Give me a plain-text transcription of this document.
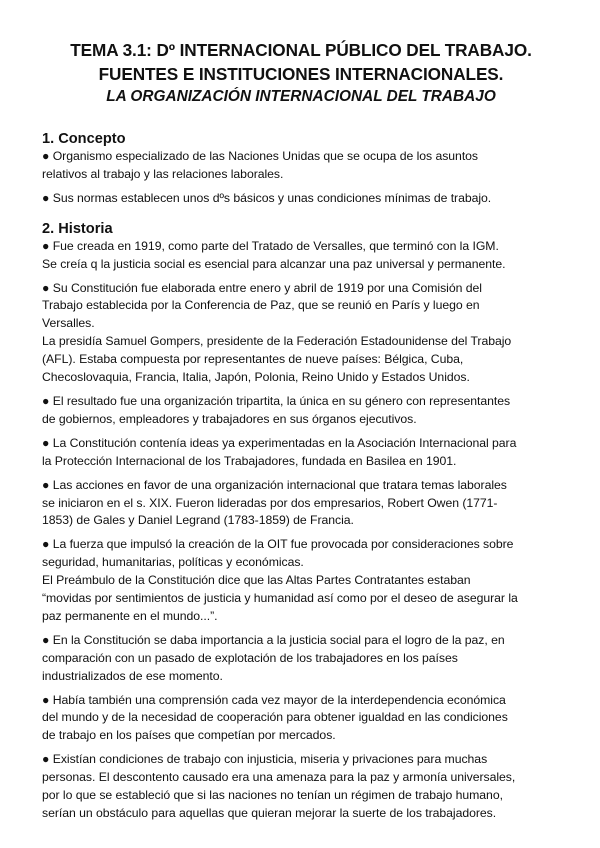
TEMA 3.1: Dº INTERNACIONAL PÚBLICO DEL TRABAJO.
FUENTES E INSTITUCIONES INTERNACIONALES.
LA ORGANIZACIÓN INTERNACIONAL DEL TRABAJO
1. Concepto

● Organismo especializado de las Naciones Unidas que se ocupa de los asuntos
relativos al trabajo y las relaciones laborales.

● Sus normas establecen unos dºs básicos y unas condiciones mínimas de trabajo.

2. Historia

● Fue creada en 1919, como parte del Tratado de Versalles, que terminó con la IGM.
Se creía q la justicia social es esencial para alcanzar una paz universal y permanente.

● Su Constitución fue elaborada entre enero y abril de 1919 por una Comisión del
Trabajo establecida por la Conferencia de Paz, que se reunió en París y luego en
Versalles.
La presidía Samuel Gompers, presidente de la Federación Estadounidense del Trabajo
(AFL). Estaba compuesta por representantes de nueve países: Bélgica, Cuba,
Checoslovaquia, Francia, Italia, Japón, Polonia, Reino Unido y Estados Unidos.

● El resultado fue una organización tripartita, la única en su género con representantes
de gobiernos, empleadores y trabajadores en sus órganos ejecutivos.

● La Constitución contenía ideas ya experimentadas en la Asociación Internacional para
la Protección Internacional de los Trabajadores, fundada en Basilea en 1901.

● Las acciones en favor de una organización internacional que tratara temas laborales
se iniciaron en el s. XIX. Fueron lideradas por dos empresarios, Robert Owen (1771-
1853) de Gales y Daniel Legrand (1783-1859) de Francia.

● La fuerza que impulsó la creación de la OIT fue provocada por consideraciones sobre
seguridad, humanitarias, políticas y económicas.
El Preámbulo de la Constitución dice que las Altas Partes Contratantes estaban
“movidas por sentimientos de justicia y humanidad así como por el deseo de asegurar la
paz permanente en el mundo...”.

● En la Constitución se daba importancia a la justicia social para el logro de la paz, en
comparación con un pasado de explotación de los trabajadores en los países
industrializados de ese momento.

● Había también una comprensión cada vez mayor de la interdependencia económica
del mundo y de la necesidad de cooperación para obtener igualdad en las condiciones
de trabajo en los países que competían por mercados.

● Existían condiciones de trabajo con injusticia, miseria y privaciones para muchas
personas. El descontento causado era una amenaza para la paz y armonía universales,
por lo que se estableció que si las naciones no tenían un régimen de trabajo humano,
serían un obstáculo para aquellas que quieran mejorar la suerte de los trabajadores.
